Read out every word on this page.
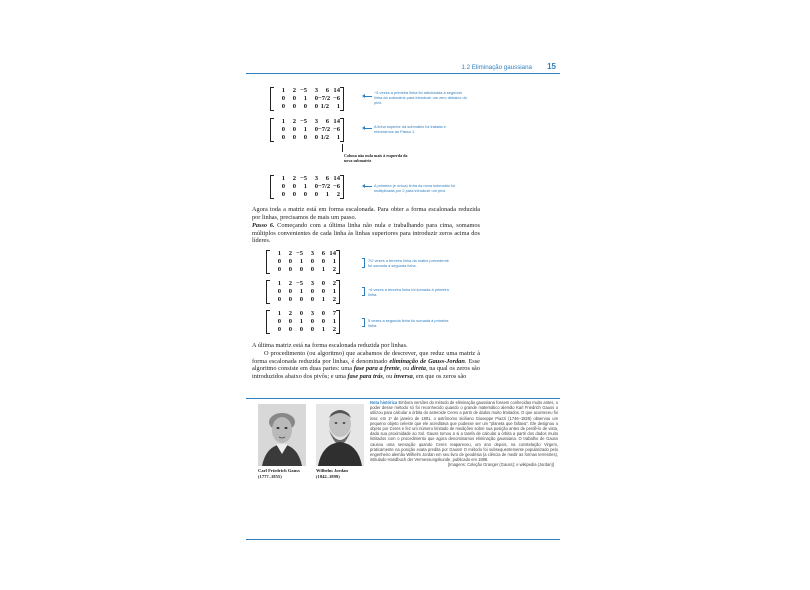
1.2 Eliminação gaussiana 15
1	2 −5	3	6 14
0	0	1	0 −7/2 −6
0	0	0	0 1/2	1
−5 vezes a primeira linha foi adicionada à segunda linha da submatriz para introduzir um zero debaixo do pivô.
1	2 −5	3	6 14
0	0	1	0 −7/2 −6
0	0	0	0 1/2	1
A linha superior da submatriz foi tratada e retornamos ao Passo 1.
Coluna não nula mais à esquerda da nova submatriz
1	2 −5	3	6 14
0	0	1	0 −7/2 −6
0	0	0	0	1	2
A primeira (e única) linha da nova submatriz foi multiplicada por 2 para introduzir um pivô.
Agora toda a matriz está em forma escalonada. Para obter a forma escalonada reduzida por linhas, precisamos de mais um passo.
Passo 6. Começando com a última linha não nula e trabalhando para cima, somamos múltiplos convenientes de cada linha às linhas superiores para introduzir zeros acima dos líderes.
1	2 −5	3	6 14
0	0	1	0	0	1
0	0	0	0	1	2
7/2 vezes a terceira linha da matriz precedente foi somada à segunda linha.
1	2 −5	3	0	2
0	0	1	0	0	1
0	0	0	0	1	2
−6 vezes a terceira linha foi somada à primeira linha.
1	2	0	3	0	7
0	0	1	0	0	1
0	0	0	0	1	2
5 vezes a segunda linha foi somada à primeira linha.
A última matriz está na forma escalonada reduzida por linhas.
O procedimento (ou algoritmo) que acabamos de descrever, que reduz uma matriz à forma escalonada reduzida por linhas, é denominado eliminação de Gauss-Jordan. Esse algoritmo consiste em duas partes: uma fase para a frente, ou direta, na qual os zeros são introduzidos abaixo dos pivôs; e uma fase para trás, ou inversa, em que os zeros são
Carl Friedrich Gauss
(1777–1855)
Wilhelm Jordan
(1842–1899)
Nota histórica Embora versões do método de eliminação gaussiana fossem conhecidas muito antes, o poder desse método só foi reconhecido quando o grande matemático alemão Karl Friedrich Gauss o utilizou para calcular a órbita do asteroide Ceres a partir de dados muito limitados. O que aconteceu foi isso: em 1º de janeiro de 1801, o astrônomo siciliano Giuseppe Piazzi (1746–1826) observou um pequeno objeto celeste que ele acreditava que pudesse ser um "planeta que faltava". Ele designou o objeto por Ceres e fez um número limitado de medições sobre sua posição antes de perdê-lo de vista, dada sua proximidade ao Sol. Gauss tomou a si a tarefa de calcular a órbita a partir dos dados muito limitados com o procedimento que agora denominamos eliminação gaussiana. O trabalho de Gauss causou uma sensação quando Ceres reapareceu, um ano depois, na constelação Virgem, praticamente na posição exata predita por Gauss! O método foi subsequentemente popularizado pelo engenheiro alemão Wilhelm Jordan em seu livro de geodésia (a ciência de medir as formas terrestres), intitulado Handbuch der Vermessungskunde, publicado em 1888.
[Imagens: Coleção Granger (Gauss); e wikipedia (Jordan)]
